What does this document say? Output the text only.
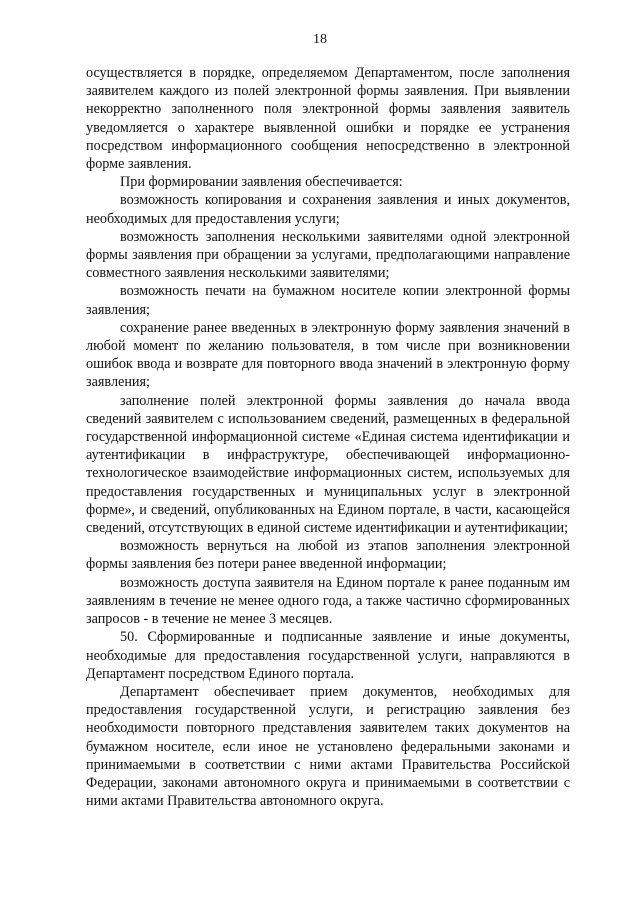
18

осуществляется в порядке, определяемом Департаментом, после заполнения заявителем каждого из полей электронной формы заявления. При выявлении некорректно заполненного поля электронной формы заявления заявитель уведомляется о характере выявленной ошибки и порядке ее устранения посредством информационного сообщения непосредственно в электронной форме заявления.

При формировании заявления обеспечивается:

возможность копирования и сохранения заявления и иных документов, необходимых для предоставления услуги;

возможность заполнения несколькими заявителями одной электронной формы заявления при обращении за услугами, предполагающими направление совместного заявления несколькими заявителями;

возможность печати на бумажном носителе копии электронной формы заявления;

сохранение ранее введенных в электронную форму заявления значений в любой момент по желанию пользователя, в том числе при возникновении ошибок ввода и возврате для повторного ввода значений в электронную форму заявления;

заполнение полей электронной формы заявления до начала ввода сведений заявителем с использованием сведений, размещенных в федеральной государственной информационной системе «Единая система идентификации и аутентификации в инфраструктуре, обеспечивающей информационно-технологическое взаимодействие информационных систем, используемых для предоставления государственных и муниципальных услуг в электронной форме», и сведений, опубликованных на Едином портале, в части, касающейся сведений, отсутствующих в единой системе идентификации и аутентификации;

возможность вернуться на любой из этапов заполнения электронной формы заявления без потери ранее введенной информации;

возможность доступа заявителя на Едином портале к ранее поданным им заявлениям в течение не менее одного года, а также частично сформированных запросов - в течение не менее 3 месяцев.

50. Сформированные и подписанные заявление и иные документы, необходимые для предоставления государственной услуги, направляются в Департамент посредством Единого портала.

Департамент обеспечивает прием документов, необходимых для предоставления государственной услуги, и регистрацию заявления без необходимости повторного представления заявителем таких документов на бумажном носителе, если иное не установлено федеральными законами и принимаемыми в соответствии с ними актами Правительства Российской Федерации, законами автономного округа и принимаемыми в соответствии с ними актами Правительства автономного округа.
